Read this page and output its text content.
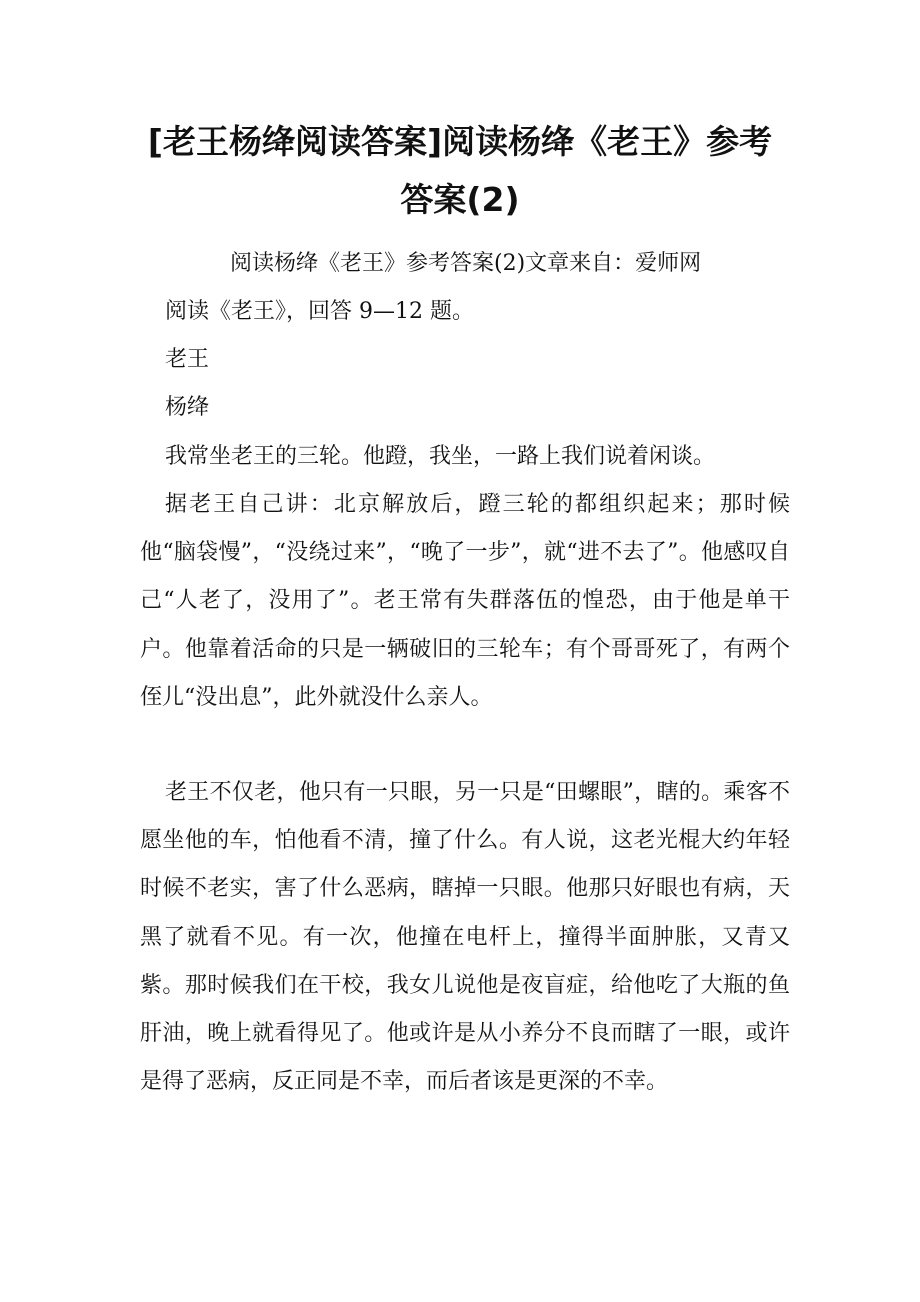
[老王杨绛阅读答案]阅读杨绛《老王》参考
答案(2)
阅读杨绛《老王》参考答案(2)文章来自：爱师网
阅读《老王》，回答 9—12 题。
老王
杨绛

我常坐老王的三轮。他蹬，我坐，一路上我们说着闲谈。

据老王自己讲：北京解放后，蹬三轮的都组织起来；那时候他“脑袋慢”，“没绕过来”，“晚了一步”，就“进不去了”。他感叹自己“人老了，没用了”。老王常有失群落伍的惶恐，由于他是单干户。他靠着活命的只是一辆破旧的三轮车；有个哥哥死了，有两个侄儿“没出息”，此外就没什么亲人。

老王不仅老，他只有一只眼，另一只是“田螺眼”，瞎的。乘客不愿坐他的车，怕他看不清，撞了什么。有人说，这老光棍大约年轻时候不老实，害了什么恶病，瞎掉一只眼。他那只好眼也有病，天黑了就看不见。有一次，他撞在电杆上，撞得半面肿胀，又青又紫。那时候我们在干校，我女儿说他是夜盲症，给他吃了大瓶的鱼肝油，晚上就看得见了。他或许是从小养分不良而瞎了一眼，或许是得了恶病，反正同是不幸，而后者该是更深的不幸。
